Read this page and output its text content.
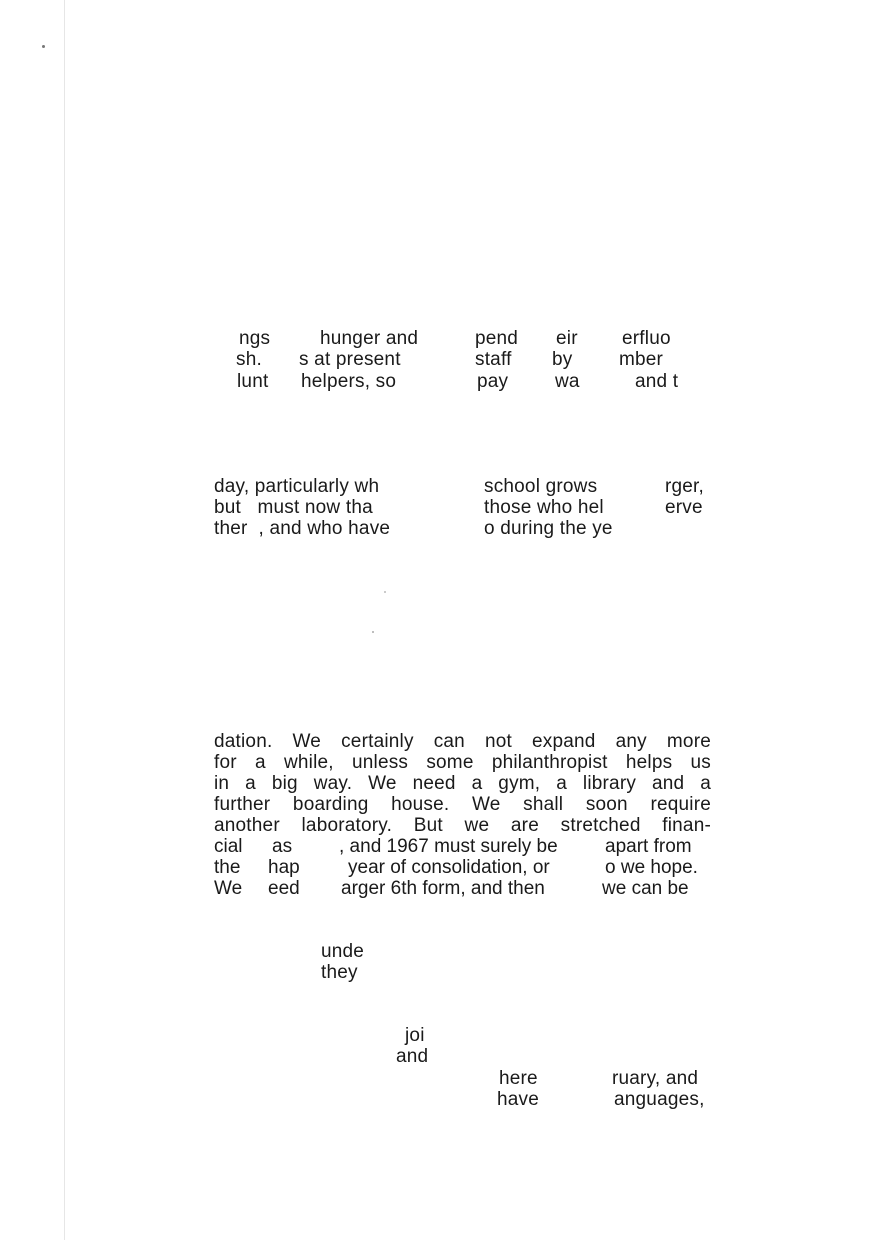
ngs	hunger and	pend eir erfluo
sh. s at present	staff by mber
lunt helpers, so	pay wa	and t
day, particularly wh	school grows	rger,
but   must now tha	those who hel	erve
ther  , and who have	o during the ye
dation. We certainly can not expand any more
for a while, unless some philanthropist helps us
in a big way. We need a gym, a library and a
further boarding house. We shall soon require
another laboratory. But we are stretched finan-
cial as , and 1967 must surely be apart from
the hap	year of consolidation, or	o we hope.
We eed arger 6th form, and then	we can be
unde
they
joi
and
here	ruary, and
have	anguages,
